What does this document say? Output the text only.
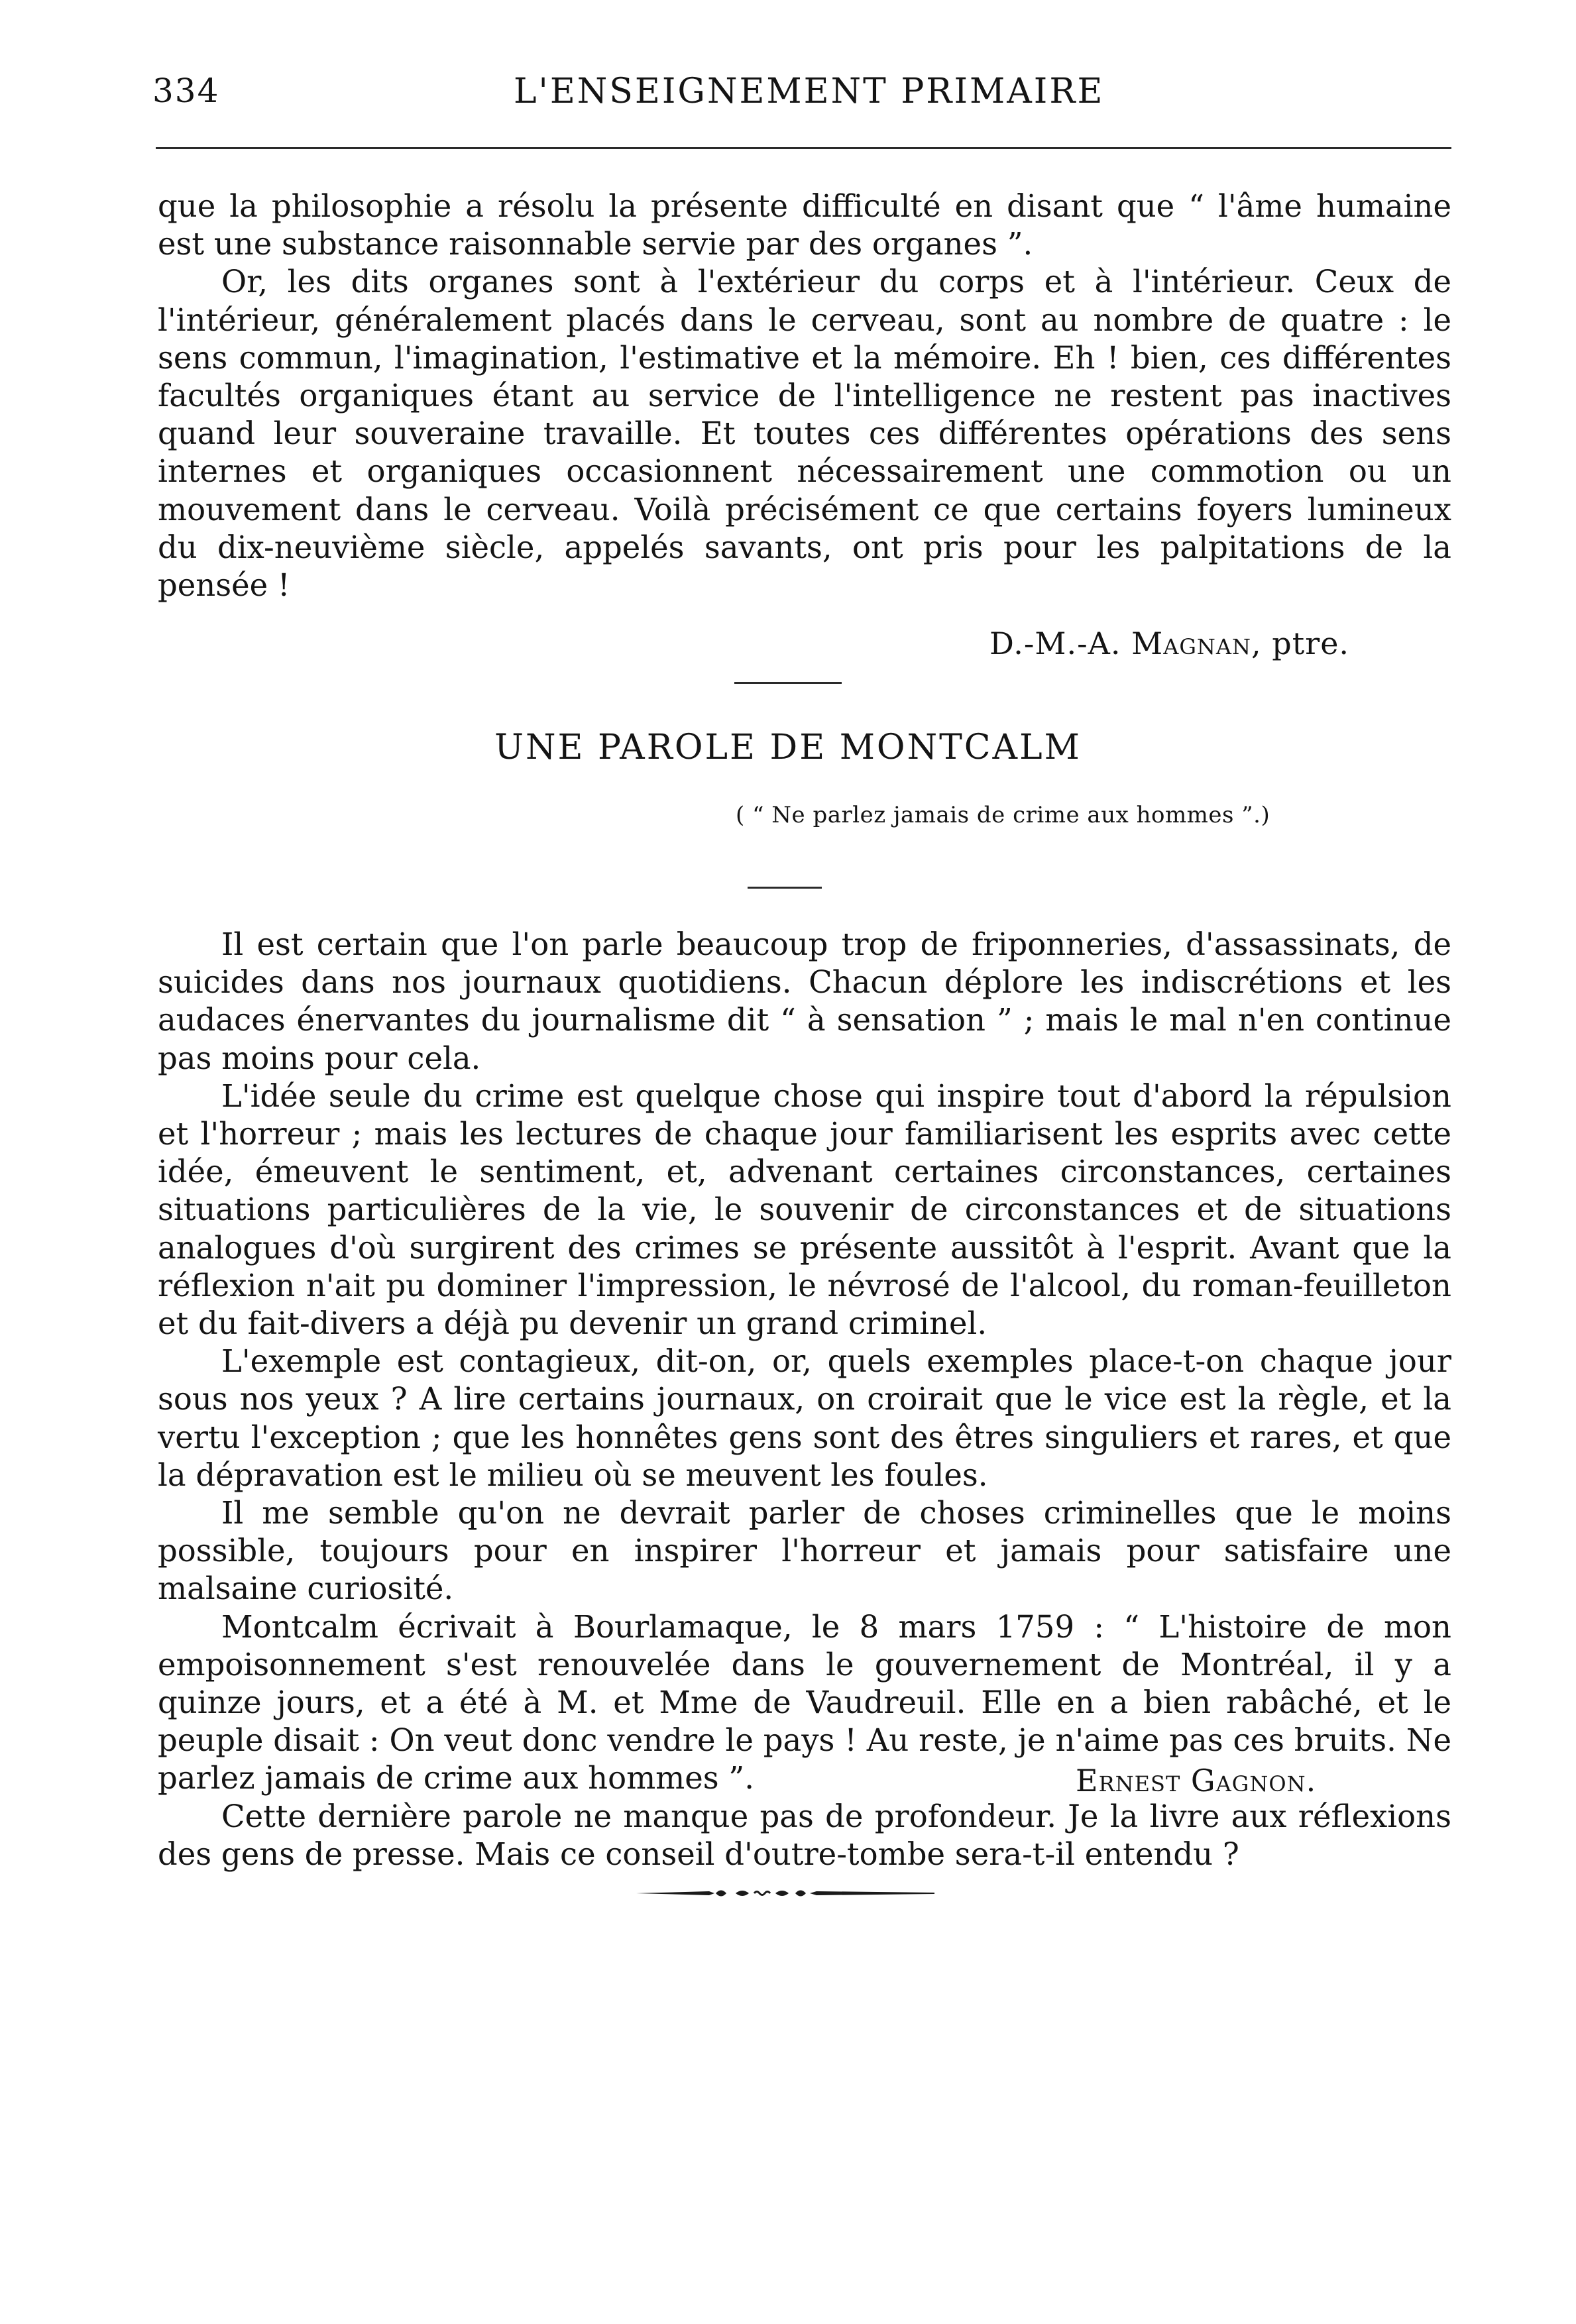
334	L'ENSEIGNEMENT PRIMAIRE

que la philosophie a résolu la présente difficulté en disant que “ l'âme humaine est une substance raisonnable servie par des organes ”.

Or, les dits organes sont à l'extérieur du corps et à l'intérieur. Ceux de l'intérieur, généralement placés dans le cerveau, sont au nombre de quatre : le sens commun, l'imagination, l'estimative et la mémoire. Eh ! bien, ces différentes facultés organiques étant au service de l'intelligence ne restent pas inactives quand leur souveraine travaille. Et toutes ces différentes opérations des sens internes et organiques occasionnent nécessairement une commotion ou un mouvement dans le cerveau. Voilà précisément ce que certains foyers lumineux du dix-neuvième siècle, appelés savants, ont pris pour les palpitations de la pensée !

D.-M.-A. Magnan, ptre.
UNE PAROLE DE MONTCALM
( “ Ne parlez jamais de crime aux hommes ”.)

Il est certain que l'on parle beaucoup trop de friponneries, d'assassinats, de suicides dans nos journaux quotidiens. Chacun déplore les indiscrétions et les audaces énervantes du journalisme dit “ à sensation ” ; mais le mal n'en continue pas moins pour cela.

L'idée seule du crime est quelque chose qui inspire tout d'abord la répulsion et l'horreur ; mais les lectures de chaque jour familiarisent les esprits avec cette idée, émeuvent le sentiment, et, advenant certaines circonstances, certaines situations particulières de la vie, le souvenir de circonstances et de situations analogues d'où surgirent des crimes se présente aussitôt à l'esprit. Avant que la réflexion n'ait pu dominer l'impression, le névrosé de l'alcool, du roman-feuilleton et du fait-divers a déjà pu devenir un grand criminel.

L'exemple est contagieux, dit-on, or, quels exemples place-t-on chaque jour sous nos yeux ? A lire certains journaux, on croirait que le vice est la règle, et la vertu l'exception ; que les honnêtes gens sont des êtres singuliers et rares, et que la dépravation est le milieu où se meuvent les foules.

Il me semble qu'on ne devrait parler de choses criminelles que le moins possible, toujours pour en inspirer l'horreur et jamais pour satisfaire une malsaine curiosité.

Montcalm écrivait à Bourlamaque, le 8 mars 1759 : “ L'histoire de mon empoisonnement s'est renouvelée dans le gouvernement de Montréal, il y a quinze jours, et a été à M. et Mme de Vaudreuil. Elle en a bien rabâché, et le peuple disait : On veut donc vendre le pays ! Au reste, je n'aime pas ces bruits. Ne parlez jamais de crime aux hommes ”.

Cette dernière parole ne manque pas de profondeur. Je la livre aux réflexions des gens de presse. Mais ce conseil d'outre-tombe sera-t-il entendu ?

Ernest Gagnon.
